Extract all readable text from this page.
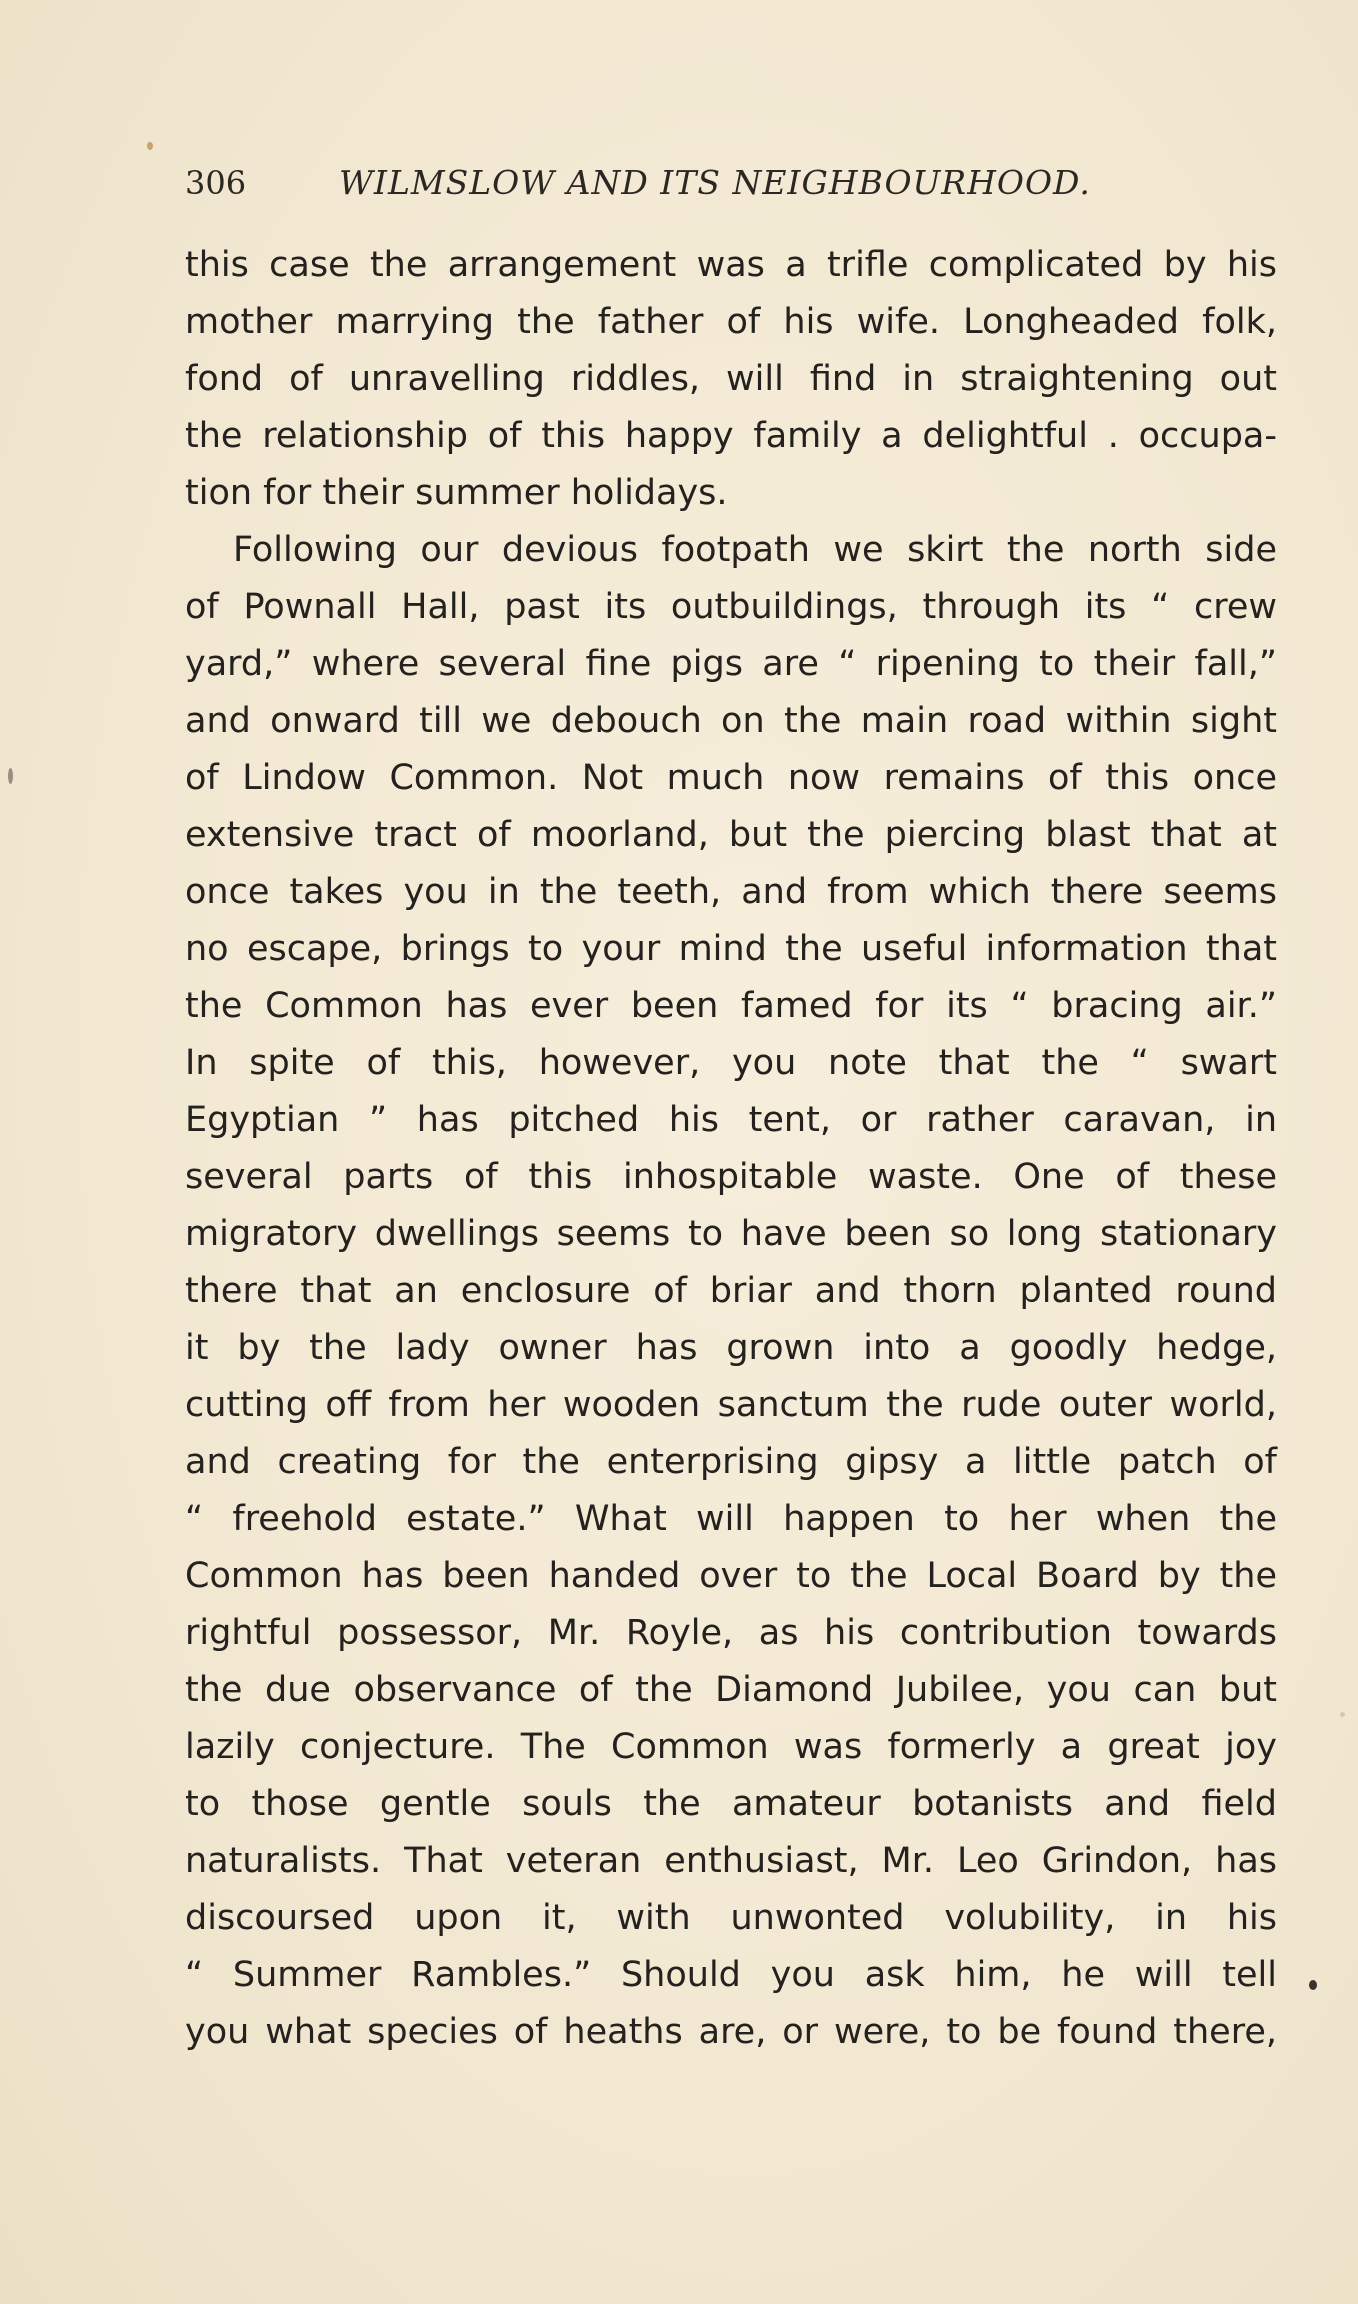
306	WILMSLOW AND ITS NEIGHBOURHOOD.
this case the arrangement was a trifle complicated by his
mother marrying the father of his wife. Longheaded folk,
fond of unravelling riddles, will find in straightening out
the relationship of this happy family a delightful . occupa-
tion for their summer holidays.
Following our devious footpath we skirt the north side
of Pownall Hall, past its outbuildings, through its “ crew
yard,” where several fine pigs are “ ripening to their fall,”
and onward till we debouch on the main road within sight
of Lindow Common. Not much now remains of this once
extensive tract of moorland, but the piercing blast that at
once takes you in the teeth, and from which there seems
no escape, brings to your mind the useful information that
the Common has ever been famed for its “ bracing air.”
In spite of this, however, you note that the “ swart
Egyptian ” has pitched his tent, or rather caravan, in
several parts of this inhospitable waste. One of these
migratory dwellings seems to have been so long stationary
there that an enclosure of briar and thorn planted round
it by the lady owner has grown into a goodly hedge,
cutting off from her wooden sanctum the rude outer world,
and creating for the enterprising gipsy a little patch of
“ freehold estate.” What will happen to her when the
Common has been handed over to the Local Board by the
rightful possessor, Mr. Royle, as his contribution towards
the due observance of the Diamond Jubilee, you can but
lazily conjecture. The Common was formerly a great joy
to those gentle souls the amateur botanists and field
naturalists. That veteran enthusiast, Mr. Leo Grindon, has
discoursed upon it, with unwonted volubility, in his
“ Summer Rambles.” Should you ask him, he will tell
you what species of heaths are, or were, to be found there,
